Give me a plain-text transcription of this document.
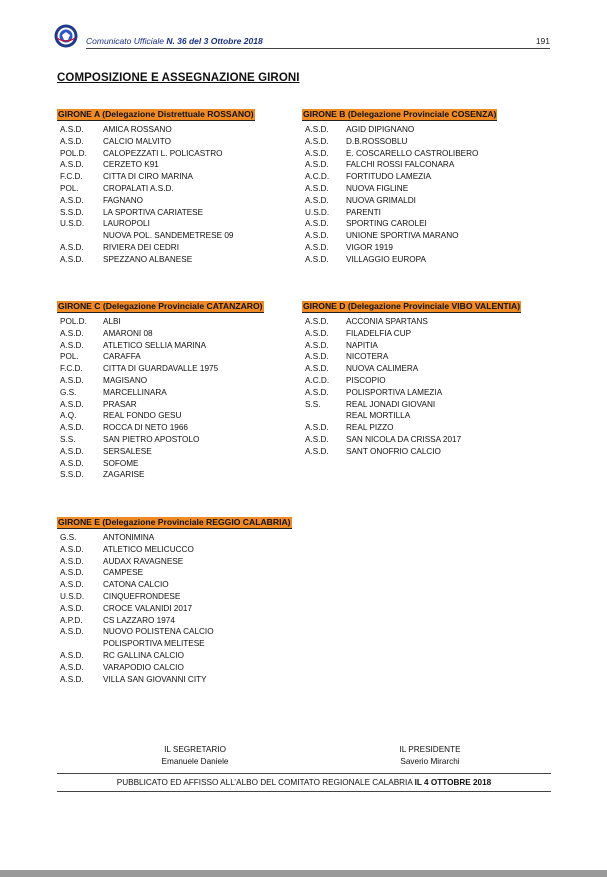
Comunicato Ufficiale N. 36 del 3 Ottobre 2018	191
COMPOSIZIONE E ASSEGNAZIONE GIRONI
GIRONE A (Delegazione Distrettuale ROSSANO)
A.S.D. AMICA ROSSANO
A.S.D. CALCIO MALVITO
POL.D. CALOPEZZATI L. POLICASTRO
A.S.D. CERZETO K91
F.C.D. CITTA DI CIRO MARINA
POL.	CROPALATI A.S.D.
A.S.D. FAGNANO
S.S.D. LA SPORTIVA CARIATESE
U.S.D. LAUROPOLI
NUOVA POL. SANDEMETRESE 09
A.S.D. RIVIERA DEI CEDRI
A.S.D. SPEZZANO ALBANESE
GIRONE B (Delegazione Provinciale COSENZA)
A.S.D. AGID DIPIGNANO
A.S.D. D.B.ROSSOBLU
A.S.D. E. COSCARELLO CASTROLIBERO
A.S.D. FALCHI ROSSI FALCONARA
A.C.D. FORTITUDO LAMEZIA
A.S.D. NUOVA FIGLINE
A.S.D. NUOVA GRIMALDI
U.S.D. PARENTI
A.S.D. SPORTING CAROLEI
A.S.D. UNIONE SPORTIVA MARANO
A.S.D. VIGOR 1919
A.S.D. VILLAGGIO EUROPA
GIRONE C (Delegazione Provinciale CATANZARO)
POL.D. ALBI
A.S.D. AMARONI 08
A.S.D. ATLETICO SELLIA MARINA
POL.	CARAFFA
F.C.D. CITTA DI GUARDAVALLE 1975
A.S.D. MAGISANO
G.S.	MARCELLINARA
A.S.D. PRASAR
A.Q.	REAL FONDO GESU
A.S.D. ROCCA DI NETO 1966
S.S.	SAN PIETRO APOSTOLO
A.S.D. SERSALESE
A.S.D. SOFOME
S.S.D. ZAGARISE
GIRONE D (Delegazione Provinciale VIBO VALENTIA)
A.S.D. ACCONIA SPARTANS
A.S.D. FILADELFIA CUP
A.S.D. NAPITIA
A.S.D. NICOTERA
A.S.D. NUOVA CALIMERA
A.C.D. PISCOPIO
A.S.D. POLISPORTIVA LAMEZIA
S.S.	REAL JONADI GIOVANI
REAL MORTILLA
A.S.D. REAL PIZZO
A.S.D. SAN NICOLA DA CRISSA 2017
A.S.D. SANT ONOFRIO CALCIO
GIRONE E (Delegazione Provinciale REGGIO CALABRIA)
G.S.	ANTONIMINA
A.S.D. ATLETICO MELICUCCO
A.S.D. AUDAX RAVAGNESE
A.S.D. CAMPESE
A.S.D. CATONA CALCIO
U.S.D. CINQUEFRONDESE
A.S.D. CROCE VALANIDI 2017
A.P.D. CS LAZZARO 1974
A.S.D. NUOVO POLISTENA CALCIO
POLISPORTIVA MELITESE
A.S.D. RC GALLINA CALCIO
A.S.D. VARAPODIO CALCIO
A.S.D. VILLA SAN GIOVANNI CITY
IL SEGRETARIO
Emanuele Daniele
IL PRESIDENTE
Saverio Mirarchi
PUBBLICATO ED AFFISSO ALL’ALBO DEL COMITATO REGIONALE CALABRIA IL 4 OTTOBRE 2018
